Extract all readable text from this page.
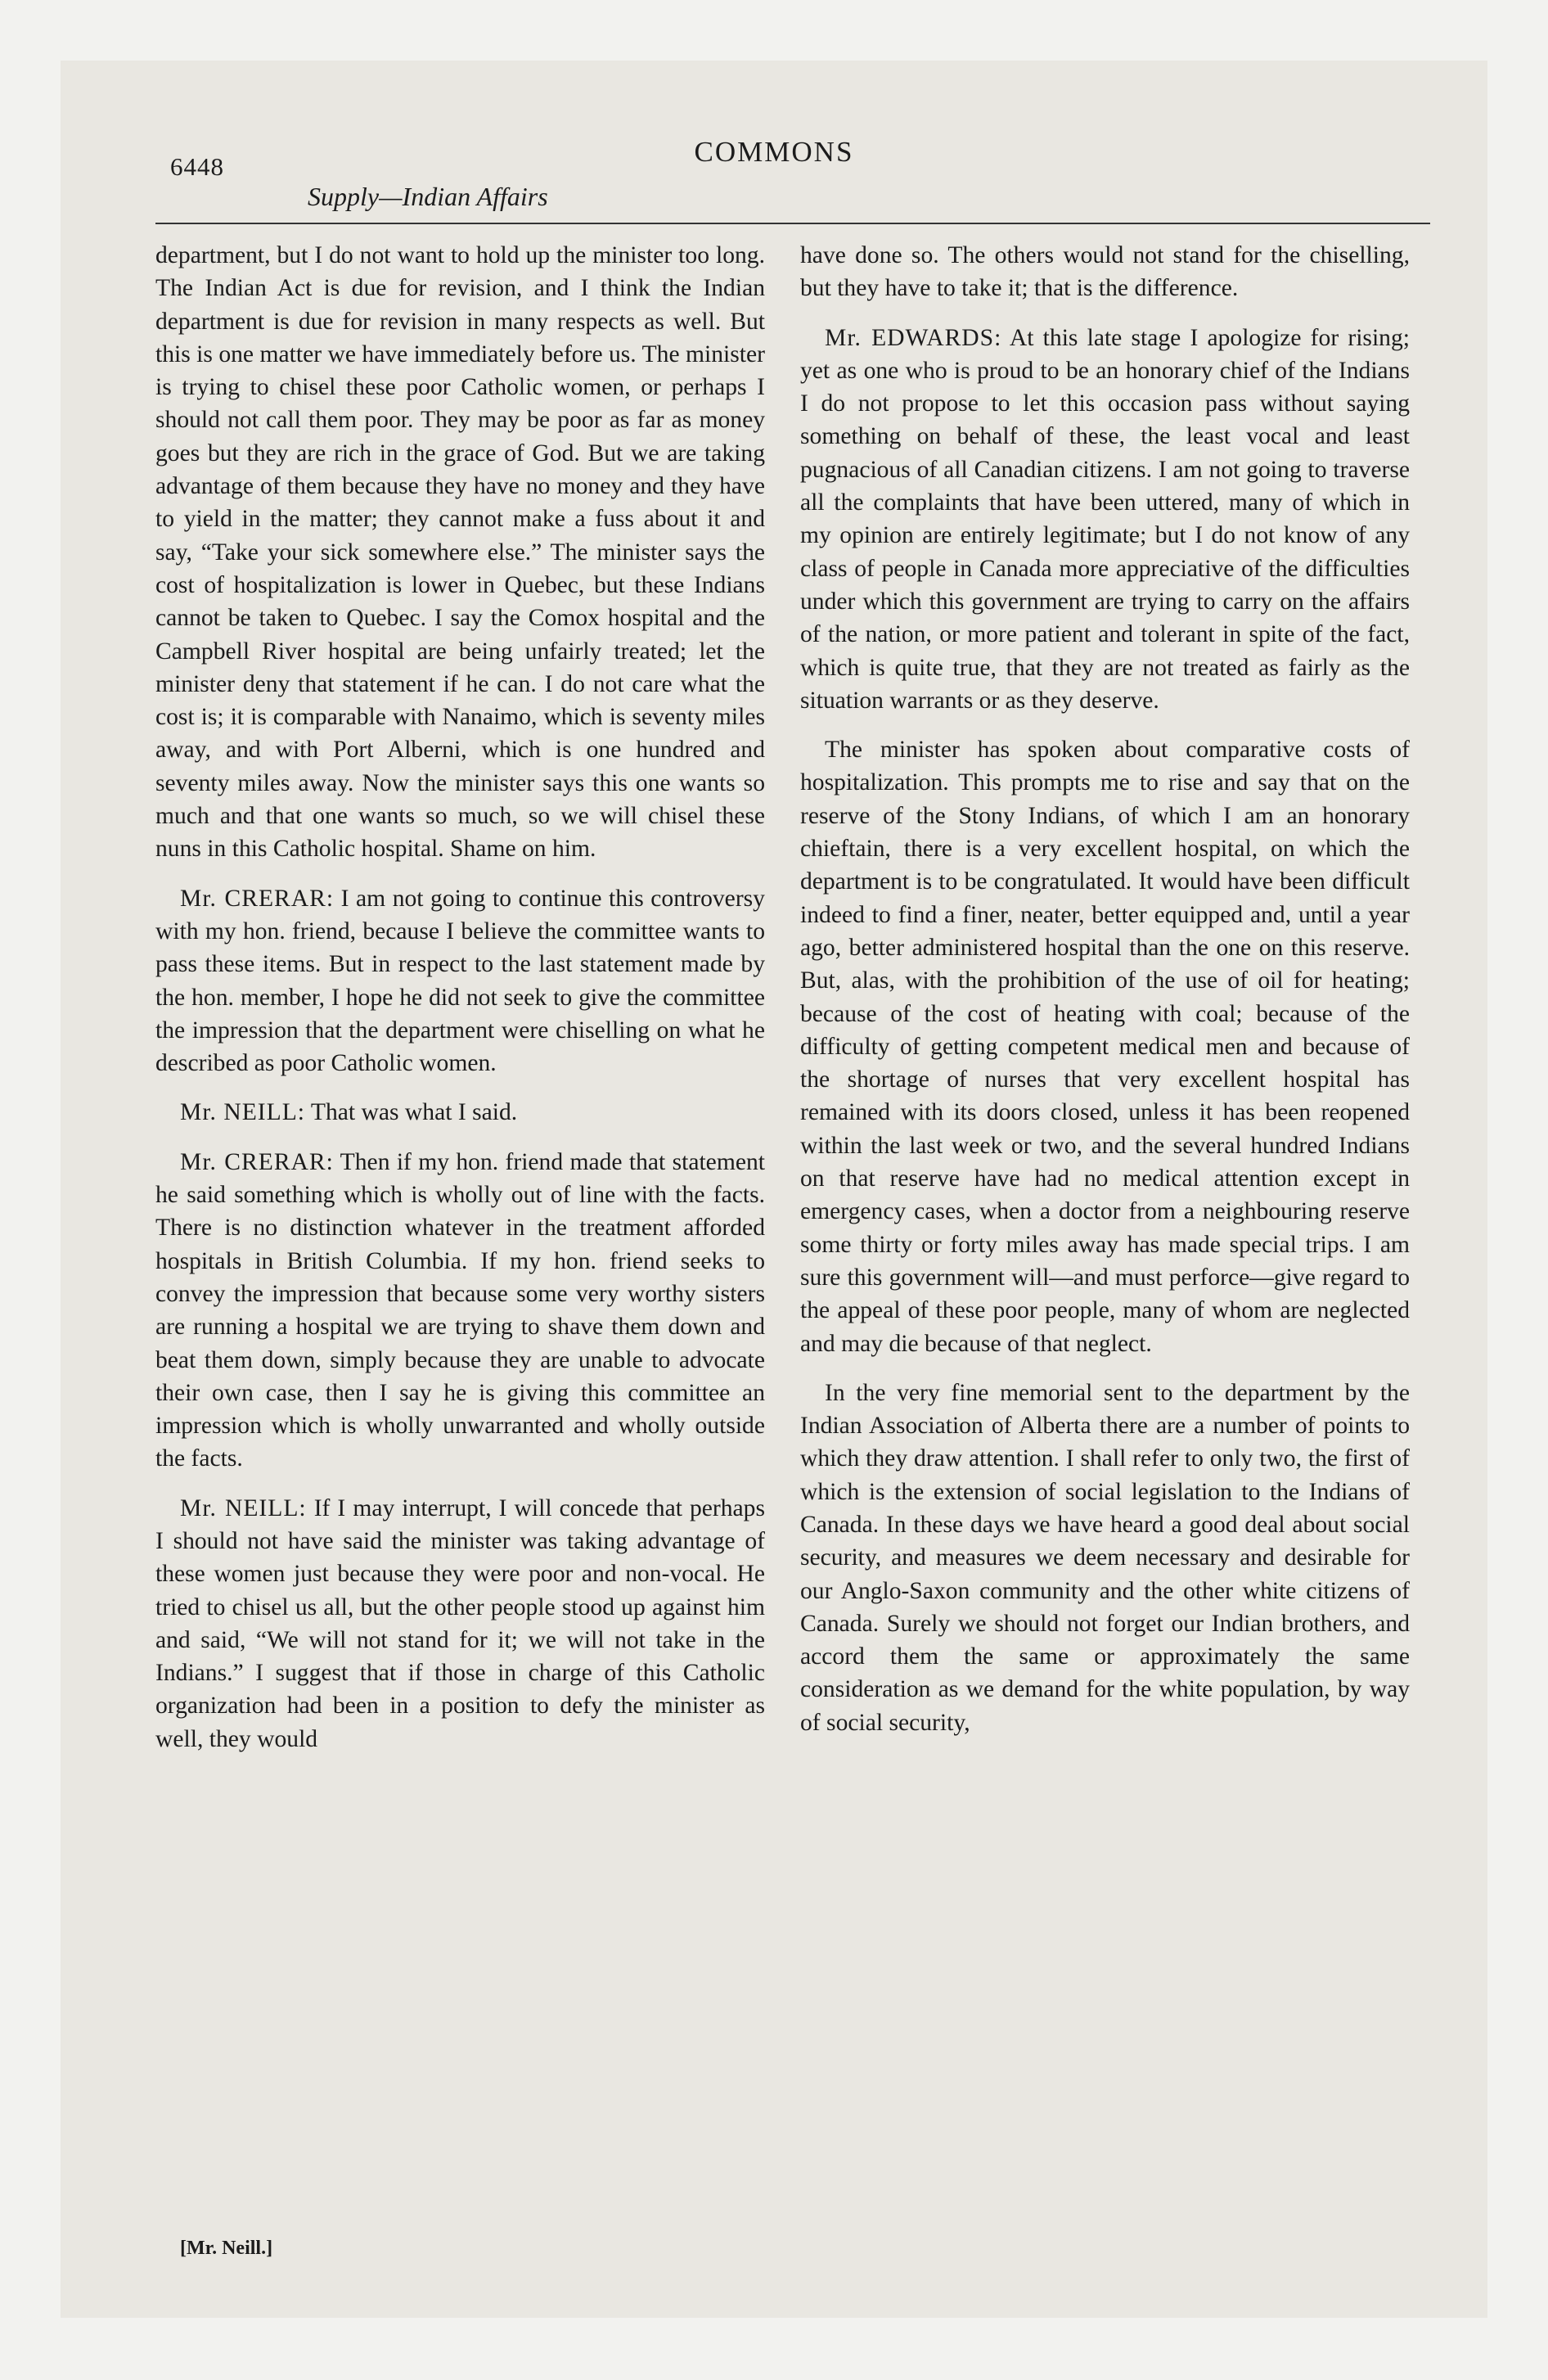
6448	COMMONS
Supply—Indian Affairs

department, but I do not want to hold up the minister too long. The Indian Act is due for revision, and I think the Indian department is due for revision in many respects as well. But this is one matter we have immediately before us. The minister is trying to chisel these poor Catholic women, or perhaps I should not call them poor. They may be poor as far as money goes but they are rich in the grace of God. But we are taking advantage of them because they have no money and they have to yield in the matter; they cannot make a fuss about it and say, “Take your sick somewhere else.” The minister says the cost of hospitalization is lower in Quebec, but these Indians cannot be taken to Quebec. I say the Comox hospital and the Campbell River hospital are being unfairly treated; let the minister deny that statement if he can. I do not care what the cost is; it is comparable with Nanaimo, which is seventy miles away, and with Port Alberni, which is one hundred and seventy miles away. Now the minister says this one wants so much and that one wants so much, so we will chisel these nuns in this Catholic hospital. Shame on him.

Mr. CRERAR: I am not going to continue this controversy with my hon. friend, because I believe the committee wants to pass these items. But in respect to the last statement made by the hon. member, I hope he did not seek to give the committee the impression that the department were chiselling on what he described as poor Catholic women.

Mr. NEILL: That was what I said.

Mr. CRERAR: Then if my hon. friend made that statement he said something which is wholly out of line with the facts. There is no distinction whatever in the treatment afforded hospitals in British Columbia. If my hon. friend seeks to convey the impression that because some very worthy sisters are running a hospital we are trying to shave them down and beat them down, simply because they are unable to advocate their own case, then I say he is giving this committee an impression which is wholly unwarranted and wholly outside the facts.

Mr. NEILL: If I may interrupt, I will concede that perhaps I should not have said the minister was taking advantage of these women just because they were poor and non-vocal. He tried to chisel us all, but the other people stood up against him and said, “We will not stand for it; we will not take in the Indians.” I suggest that if those in charge of this Catholic organization had been in a position to defy the minister as well, they would

have done so. The others would not stand for the chiselling, but they have to take it; that is the difference.

Mr. EDWARDS: At this late stage I apologize for rising; yet as one who is proud to be an honorary chief of the Indians I do not propose to let this occasion pass without saying something on behalf of these, the least vocal and least pugnacious of all Canadian citizens. I am not going to traverse all the complaints that have been uttered, many of which in my opinion are entirely legitimate; but I do not know of any class of people in Canada more appreciative of the difficulties under which this government are trying to carry on the affairs of the nation, or more patient and tolerant in spite of the fact, which is quite true, that they are not treated as fairly as the situation warrants or as they deserve.

The minister has spoken about comparative costs of hospitalization. This prompts me to rise and say that on the reserve of the Stony Indians, of which I am an honorary chieftain, there is a very excellent hospital, on which the department is to be congratulated. It would have been difficult indeed to find a finer, neater, better equipped and, until a year ago, better administered hospital than the one on this reserve. But, alas, with the prohibition of the use of oil for heating; because of the cost of heating with coal; because of the difficulty of getting competent medical men and because of the shortage of nurses that very excellent hospital has remained with its doors closed, unless it has been reopened within the last week or two, and the several hundred Indians on that reserve have had no medical attention except in emergency cases, when a doctor from a neighbouring reserve some thirty or forty miles away has made special trips. I am sure this government will—and must perforce—give regard to the appeal of these poor people, many of whom are neglected and may die because of that neglect.

In the very fine memorial sent to the department by the Indian Association of Alberta there are a number of points to which they draw attention. I shall refer to only two, the first of which is the extension of social legislation to the Indians of Canada. In these days we have heard a good deal about social security, and measures we deem necessary and desirable for our Anglo-Saxon community and the other white citizens of Canada. Surely we should not forget our Indian brothers, and accord them the same or approximately the same consideration as we demand for the white population, by way of social security,

[Mr. Neill.]
